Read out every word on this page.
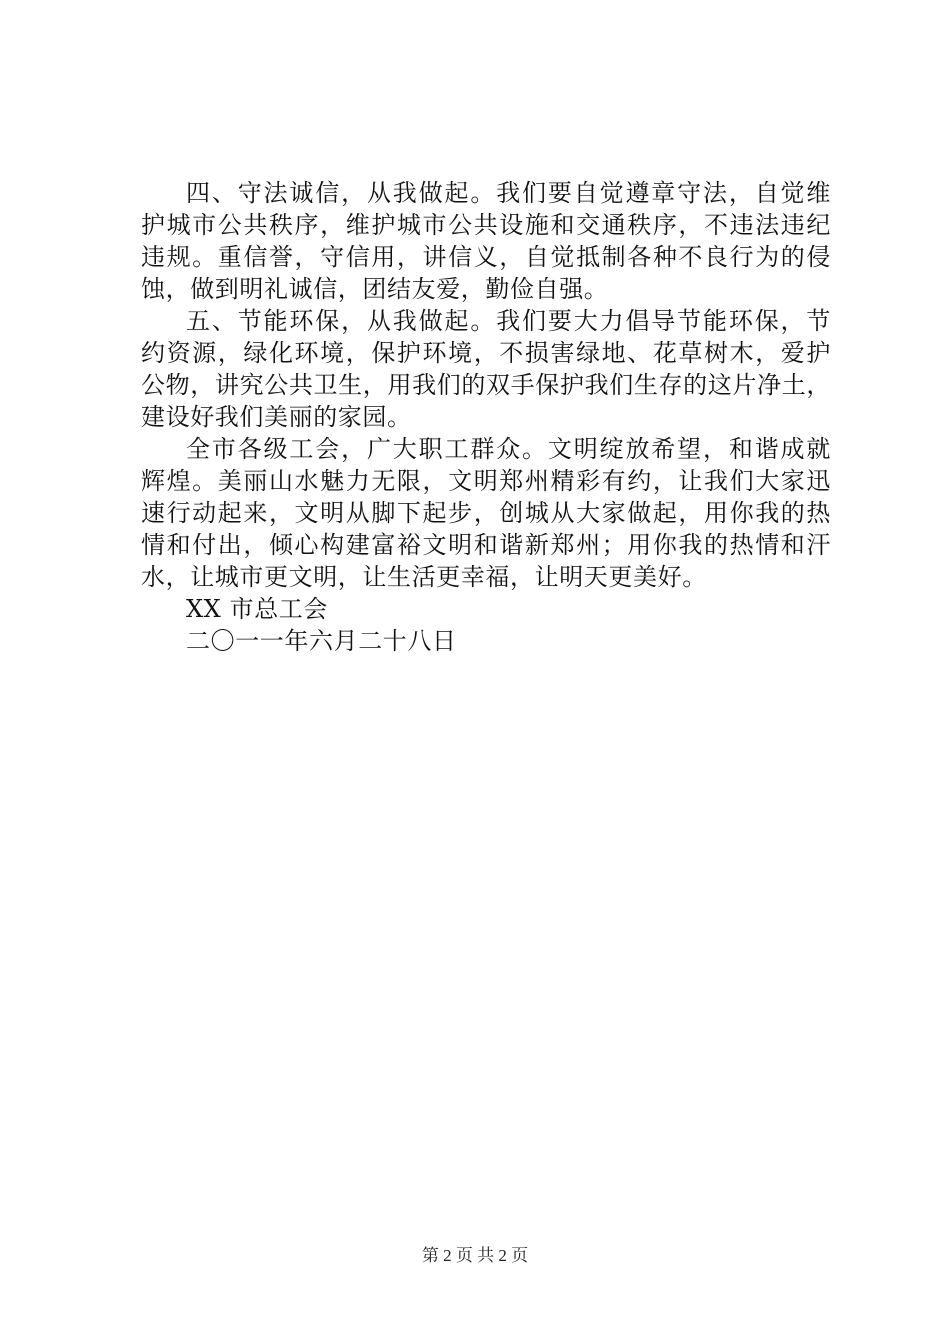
四、守法诚信，从我做起。我们要自觉遵章守法，自觉维
护城市公共秩序，维护城市公共设施和交通秩序，不违法违纪
违规。重信誉，守信用，讲信义，自觉抵制各种不良行为的侵
蚀，做到明礼诚信，团结友爱，勤俭自强。
五、节能环保，从我做起。我们要大力倡导节能环保，节
约资源，绿化环境，保护环境，不损害绿地、花草树木，爱护
公物，讲究公共卫生，用我们的双手保护我们生存的这片净土，
建设好我们美丽的家园。
全市各级工会，广大职工群众。文明绽放希望，和谐成就
辉煌。美丽山水魅力无限，文明郑州精彩有约，让我们大家迅
速行动起来，文明从脚下起步，创城从大家做起，用你我的热
情和付出，倾心构建富裕文明和谐新郑州；用你我的热情和汗
水，让城市更文明，让生活更幸福，让明天更美好。
XX 市总工会
二〇一一年六月二十八日
第 2 页 共 2 页
